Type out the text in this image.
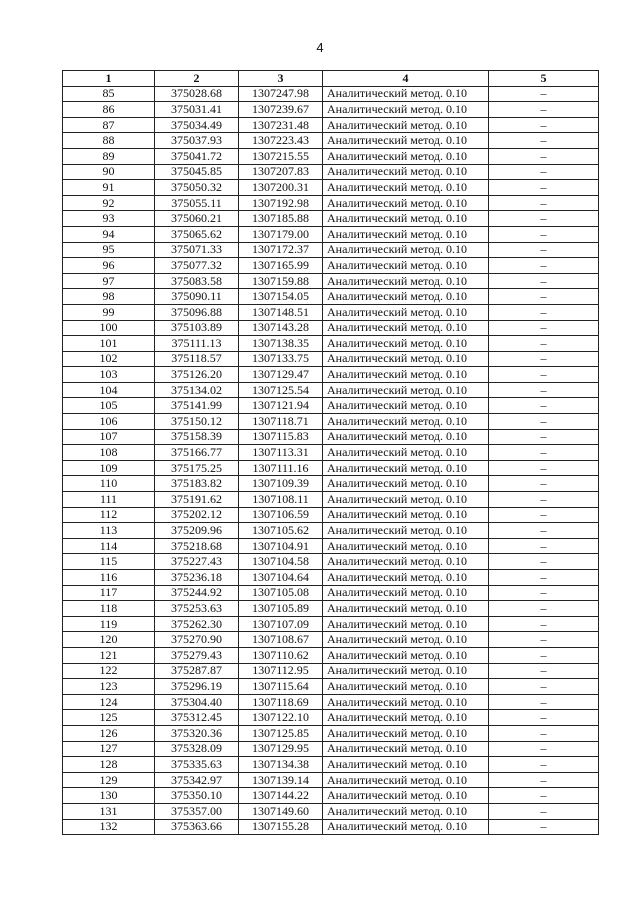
4
1	2	3	4	5
85	375028.68	1307247.98	Аналитический метод. 0.10	–
86	375031.41	1307239.67	Аналитический метод. 0.10	–
87	375034.49	1307231.48	Аналитический метод. 0.10	–
88	375037.93	1307223.43	Аналитический метод. 0.10	–
89	375041.72	1307215.55	Аналитический метод. 0.10	–
90	375045.85	1307207.83	Аналитический метод. 0.10	–
91	375050.32	1307200.31	Аналитический метод. 0.10	–
92	375055.11	1307192.98	Аналитический метод. 0.10	–
93	375060.21	1307185.88	Аналитический метод. 0.10	–
94	375065.62	1307179.00	Аналитический метод. 0.10	–
95	375071.33	1307172.37	Аналитический метод. 0.10	–
96	375077.32	1307165.99	Аналитический метод. 0.10	–
97	375083.58	1307159.88	Аналитический метод. 0.10	–
98	375090.11	1307154.05	Аналитический метод. 0.10	–
99	375096.88	1307148.51	Аналитический метод. 0.10	–
100	375103.89	1307143.28	Аналитический метод. 0.10	–
101	375111.13	1307138.35	Аналитический метод. 0.10	–
102	375118.57	1307133.75	Аналитический метод. 0.10	–
103	375126.20	1307129.47	Аналитический метод. 0.10	–
104	375134.02	1307125.54	Аналитический метод. 0.10	–
105	375141.99	1307121.94	Аналитический метод. 0.10	–
106	375150.12	1307118.71	Аналитический метод. 0.10	–
107	375158.39	1307115.83	Аналитический метод. 0.10	–
108	375166.77	1307113.31	Аналитический метод. 0.10	–
109	375175.25	1307111.16	Аналитический метод. 0.10	–
110	375183.82	1307109.39	Аналитический метод. 0.10	–
111	375191.62	1307108.11	Аналитический метод. 0.10	–
112	375202.12	1307106.59	Аналитический метод. 0.10	–
113	375209.96	1307105.62	Аналитический метод. 0.10	–
114	375218.68	1307104.91	Аналитический метод. 0.10	–
115	375227.43	1307104.58	Аналитический метод. 0.10	–
116	375236.18	1307104.64	Аналитический метод. 0.10	–
117	375244.92	1307105.08	Аналитический метод. 0.10	–
118	375253.63	1307105.89	Аналитический метод. 0.10	–
119	375262.30	1307107.09	Аналитический метод. 0.10	–
120	375270.90	1307108.67	Аналитический метод. 0.10	–
121	375279.43	1307110.62	Аналитический метод. 0.10	–
122	375287.87	1307112.95	Аналитический метод. 0.10	–
123	375296.19	1307115.64	Аналитический метод. 0.10	–
124	375304.40	1307118.69	Аналитический метод. 0.10	–
125	375312.45	1307122.10	Аналитический метод. 0.10	–
126	375320.36	1307125.85	Аналитический метод. 0.10	–
127	375328.09	1307129.95	Аналитический метод. 0.10	–
128	375335.63	1307134.38	Аналитический метод. 0.10	–
129	375342.97	1307139.14	Аналитический метод. 0.10	–
130	375350.10	1307144.22	Аналитический метод. 0.10	–
131	375357.00	1307149.60	Аналитический метод. 0.10	–
132	375363.66	1307155.28	Аналитический метод. 0.10	–
